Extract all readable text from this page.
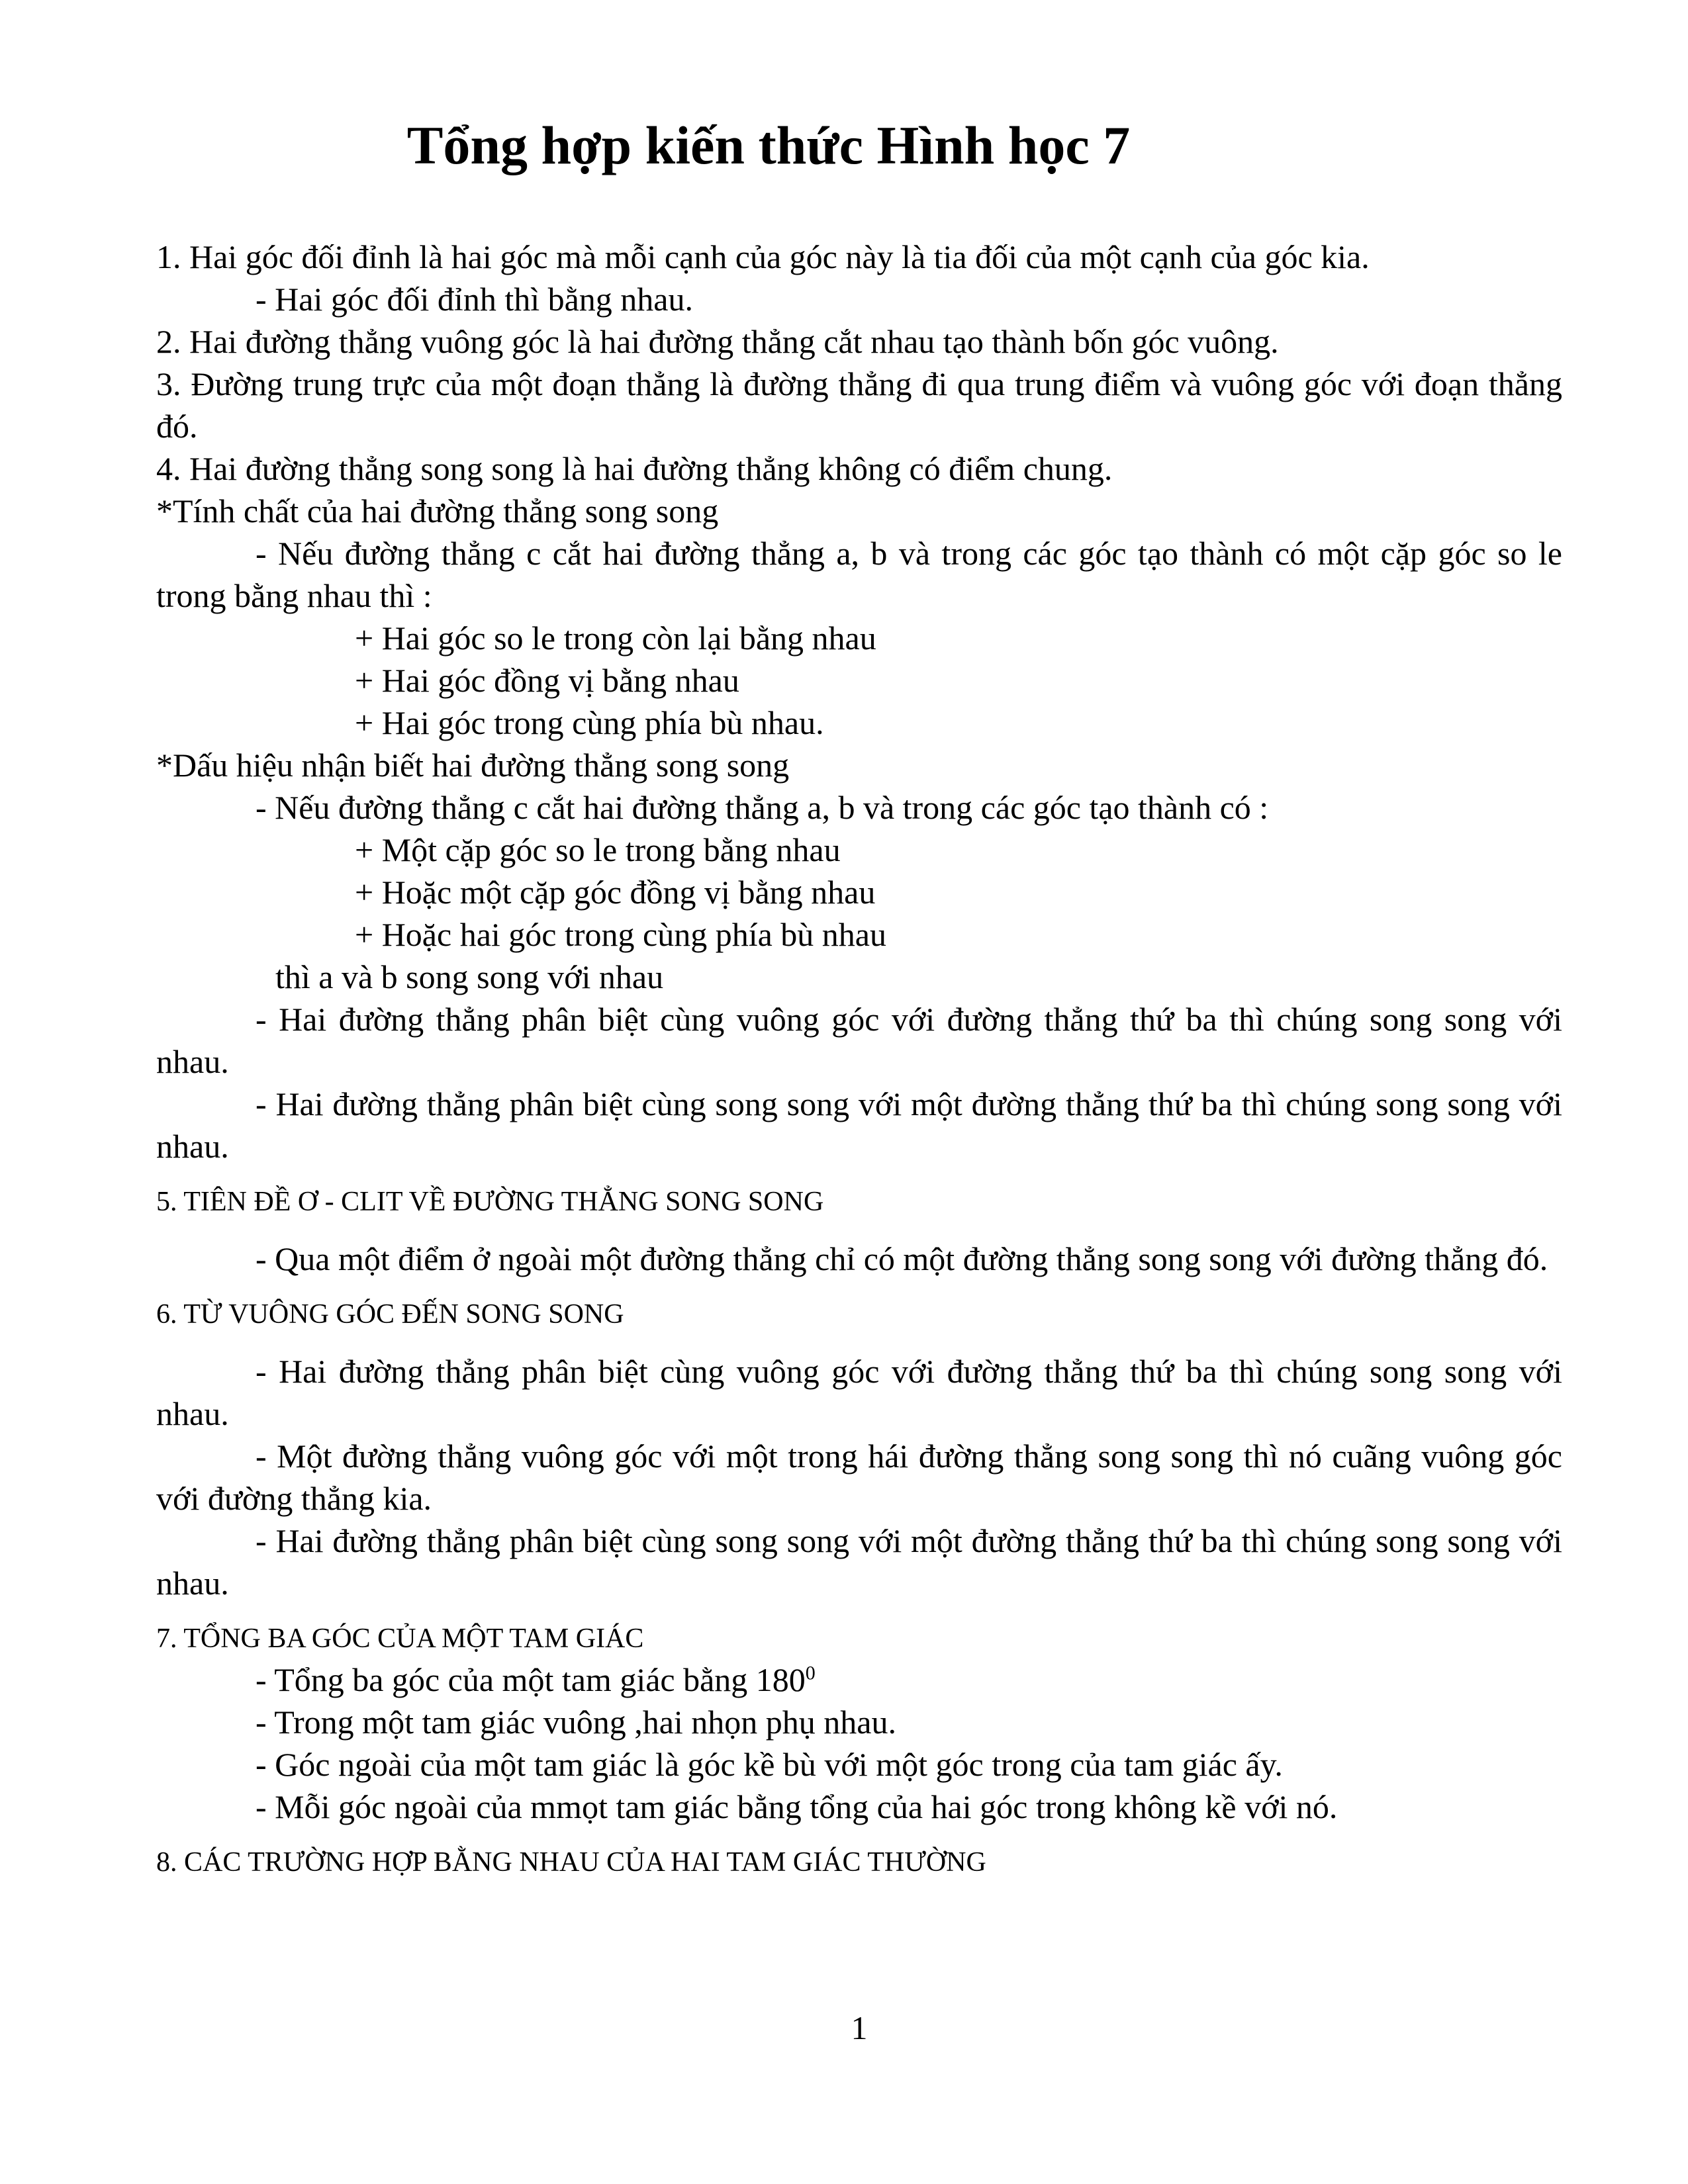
Tổng hợp kiến thức Hình học 7

1. Hai góc đối đỉnh là hai góc mà mỗi cạnh của góc này là tia đối của một cạnh của góc kia.

- Hai góc đối đỉnh thì bằng nhau.

2. Hai đường thẳng vuông góc là hai đường thẳng cắt nhau tạo thành bốn góc vuông.

3. Đường trung trực của một đoạn thẳng là đường thẳng đi qua trung điểm và vuông góc với đoạn thẳng đó.

4. Hai đường thẳng song song là hai đường thẳng không có điểm chung.

*Tính chất của hai đường thẳng song song

- Nếu đường thẳng c cắt hai đường thẳng a, b và trong các góc tạo thành có một cặp góc so le trong bằng nhau thì :

+ Hai góc so le trong còn lại bằng nhau

+ Hai góc đồng vị bằng nhau

+ Hai góc trong cùng phía bù nhau.

*Dấu hiệu nhận biết hai đường thẳng song song

- Nếu đường thẳng c cắt hai đường thẳng a, b và trong các góc tạo thành có :

+ Một cặp góc so le trong bằng nhau

+ Hoặc một cặp góc đồng vị bằng nhau

+ Hoặc hai góc trong cùng phía bù nhau

thì a và b song song với nhau

- Hai đường thẳng phân biệt cùng vuông góc với đường thẳng thứ ba thì chúng song song với nhau.

- Hai đường thẳng phân biệt cùng song song với một đường thẳng thứ ba thì chúng song song với nhau.

5. TIÊN ĐỀ Ơ - CLIT VỀ ĐƯỜNG THẲNG SONG SONG

- Qua một điểm ở ngoài một đường thẳng chỉ có một đường thẳng song song với đường thẳng đó.

6. TỪ VUÔNG GÓC ĐẾN SONG SONG

- Hai đường thẳng phân biệt cùng vuông góc với đường thẳng thứ ba thì chúng song song với nhau.

- Một đường thẳng vuông góc với một trong hái đường thẳng song song thì nó cuãng vuông góc với đường thẳng kia.

- Hai đường thẳng phân biệt cùng song song với một đường thẳng thứ ba thì chúng song song với nhau.

7. TỔNG BA GÓC CỦA MỘT TAM GIÁC

- Tổng ba góc của một tam giác bằng $180^0$

- Trong một tam giác vuông ,hai nhọn phụ nhau.

- Góc ngoài của một tam giác là góc kề bù với một góc trong của tam giác ấy.

- Mỗi góc ngoài của mmọt tam giác bằng tổng của hai góc trong không kề với nó.

8. CÁC TRƯỜNG HỢP BẰNG NHAU CỦA HAI TAM GIÁC THƯỜNG

1
